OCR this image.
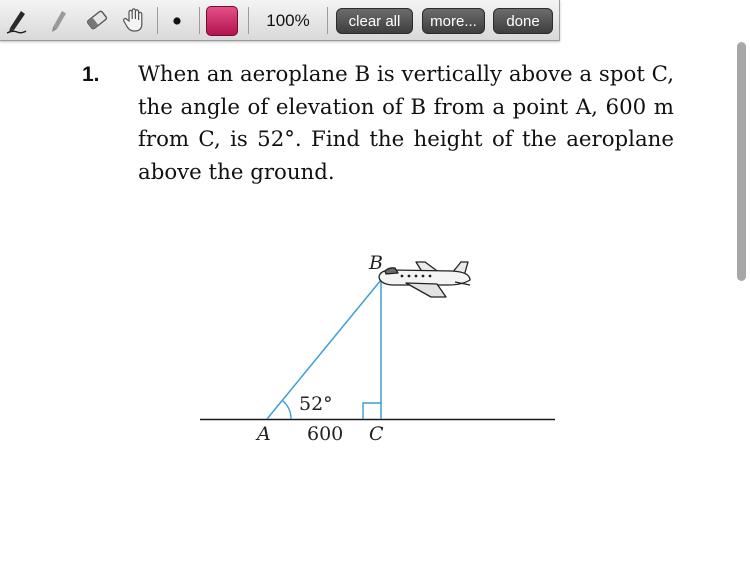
100%	clear all	more...	done
1. When an aeroplane B is vertically above a spot C, the angle of elevation of B from a point A, 600 m from C, is 52°. Find the height of the aeroplane above the ground.
B
52°
A 600 C
